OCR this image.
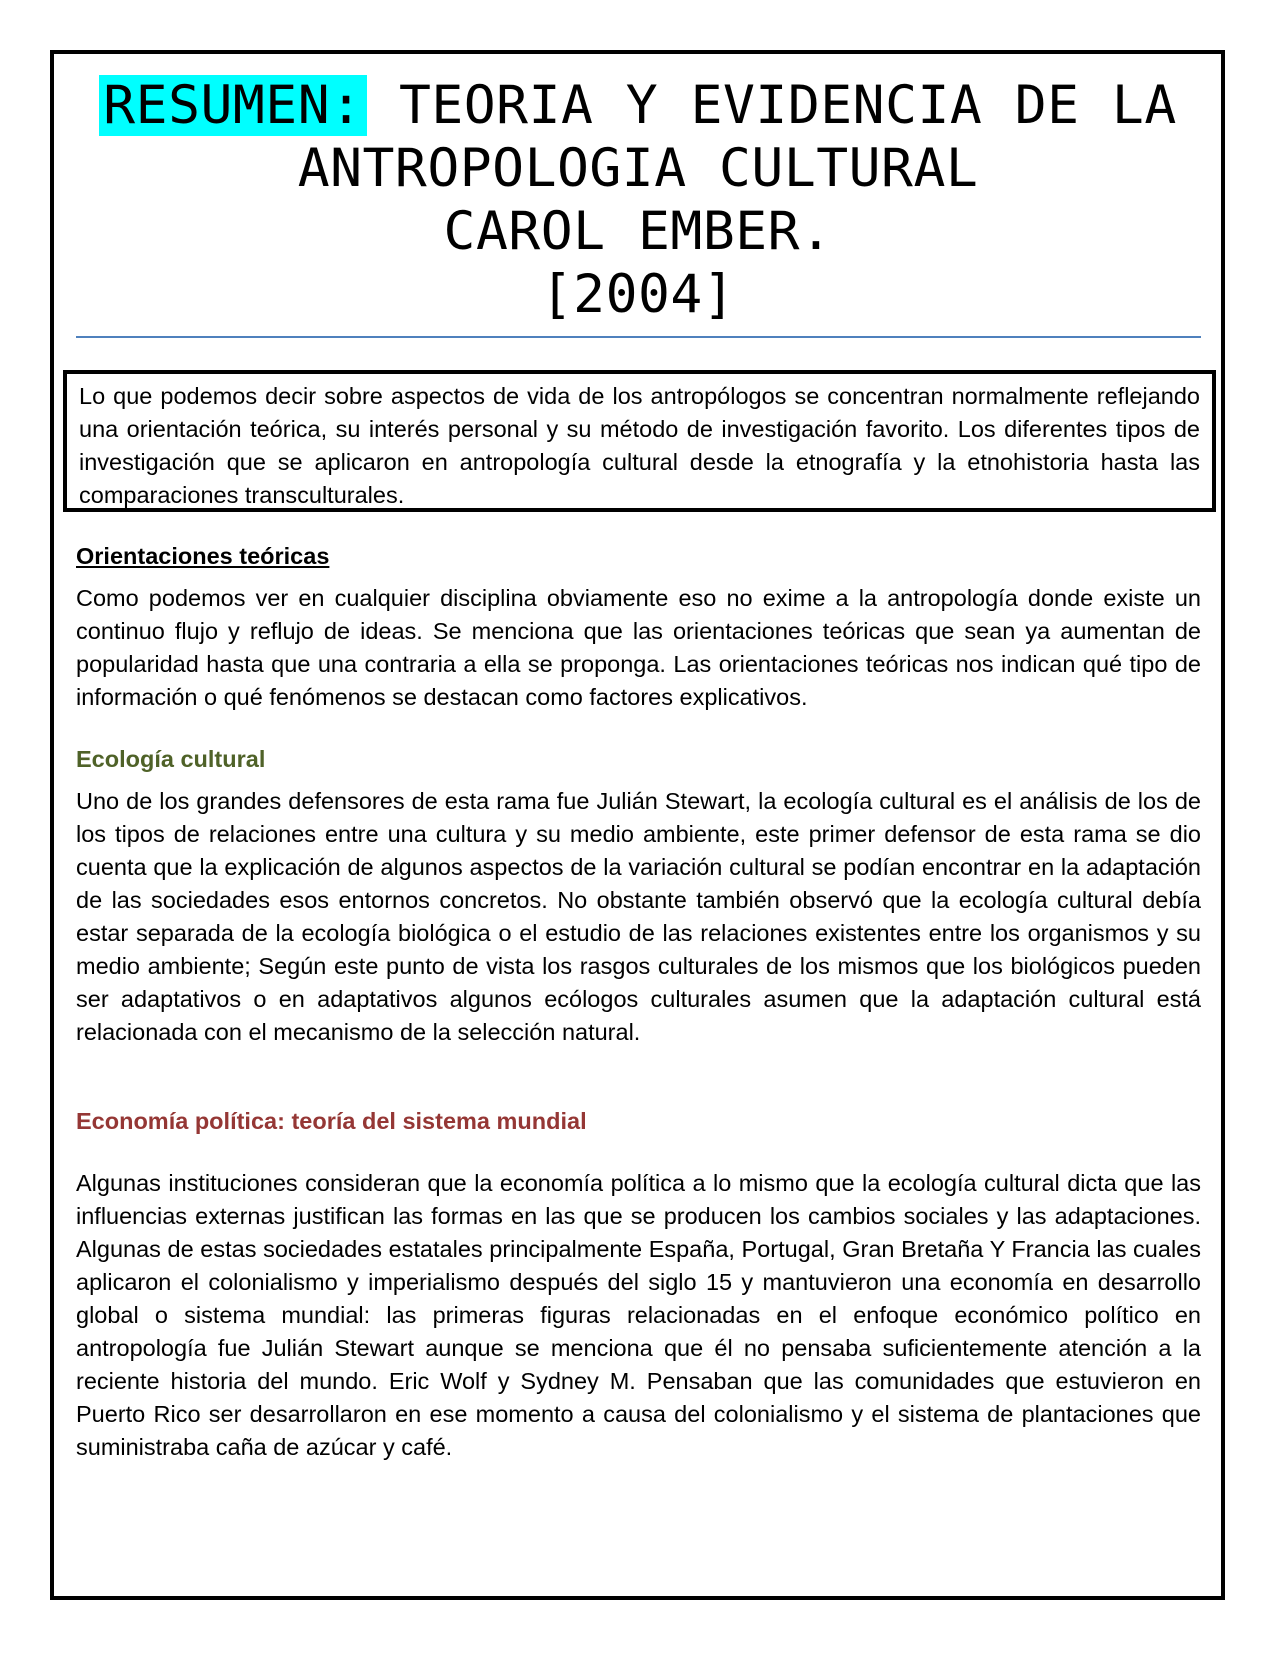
RESUMEN: TEORIA Y EVIDENCIA DE LA
ANTROPOLOGIA CULTURAL
CAROL EMBER.
[2004]

Lo que podemos decir sobre aspectos de vida de los antropólogos se concentran normalmente reflejando una orientación teórica, su interés personal y su método de investigación favorito. Los diferentes tipos de investigación que se aplicaron en antropología cultural desde la etnografía y la etnohistoria hasta las comparaciones transculturales.

Orientaciones teóricas

Como podemos ver en cualquier disciplina obviamente eso no exime a la antropología donde existe un continuo flujo y reflujo de ideas. Se menciona que las orientaciones teóricas que sean ya aumentan de popularidad hasta que una contraria a ella se proponga. Las orientaciones teóricas nos indican qué tipo de información o qué fenómenos se destacan como factores explicativos.

Ecología cultural

Uno de los grandes defensores de esta rama fue Julián Stewart, la ecología cultural es el análisis de los de los tipos de relaciones entre una cultura y su medio ambiente, este primer defensor de esta rama se dio cuenta que la explicación de algunos aspectos de la variación cultural se podían encontrar en la adaptación de las sociedades esos entornos concretos. No obstante también observó que la ecología cultural debía estar separada de la ecología biológica o el estudio de las relaciones existentes entre los organismos y su medio ambiente; Según este punto de vista los rasgos culturales de los mismos que los biológicos pueden ser adaptativos o en adaptativos algunos ecólogos culturales asumen que la adaptación cultural está relacionada con el mecanismo de la selección natural.

Economía política: teoría del sistema mundial

Algunas instituciones consideran que la economía política a lo mismo que la ecología cultural dicta que las influencias externas justifican las formas en las que se producen los cambios sociales y las adaptaciones. Algunas de estas sociedades estatales principalmente España, Portugal, Gran Bretaña Y Francia las cuales aplicaron el colonialismo y imperialismo después del siglo 15 y mantuvieron una economía en desarrollo global o sistema mundial: las primeras figuras relacionadas en el enfoque económico político en antropología fue Julián Stewart aunque se menciona que él no pensaba suficientemente atención a la reciente historia del mundo. Eric Wolf y Sydney M. Pensaban que las comunidades que estuvieron en Puerto Rico ser desarrollaron en ese momento a causa del colonialismo y el sistema de plantaciones que suministraba caña de azúcar y café.
